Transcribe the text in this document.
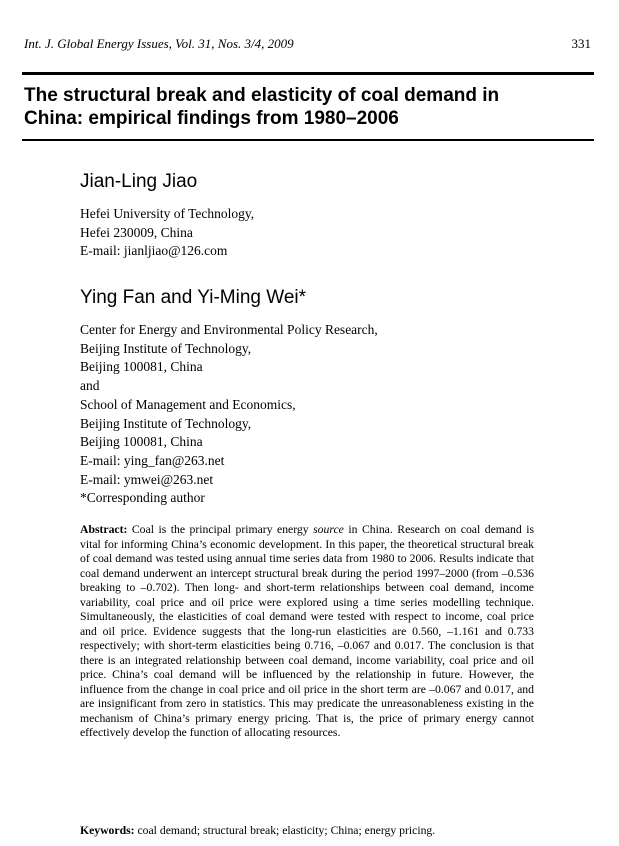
Int. J. Global Energy Issues, Vol. 31, Nos. 3/4, 2009	331
The structural break and elasticity of coal demand in
China: empirical findings from 1980–2006
Jian-Ling Jiao
Hefei University of Technology,
Hefei 230009, China
E-mail: jianljiao@126.com
Ying Fan and Yi-Ming Wei*
Center for Energy and Environmental Policy Research,
Beijing Institute of Technology,
Beijing 100081, China
and
School of Management and Economics,
Beijing Institute of Technology,
Beijing 100081, China
E-mail: ying_fan@263.net
E-mail: ymwei@263.net
*Corresponding author
Abstract: Coal is the principal primary energy source in China. Research on coal demand is vital for informing China’s economic development. In this paper, the theoretical structural break of coal demand was tested using annual time series data from 1980 to 2006. Results indicate that coal demand underwent an intercept structural break during the period 1997–2000 (from –0.536 breaking to –0.702). Then long- and short-term relationships between coal demand, income variability, coal price and oil price were explored using a time series modelling technique. Simultaneously, the elasticities of coal demand were tested with respect to income, coal price and oil price. Evidence suggests that the long-run elasticities are 0.560, –1.161 and 0.733 respectively; with short-term elasticities being 0.716, –0.067 and 0.017. The conclusion is that there is an integrated relationship between coal demand, income variability, coal price and oil price. China’s coal demand will be influenced by the relationship in future. However, the influence from the change in coal price and oil price in the short term are –0.067 and 0.017, and are insignificant from zero in statistics. This may predicate the unreasonableness existing in the mechanism of China’s primary energy pricing. That is, the price of primary energy cannot effectively develop the function of allocating resources.
Keywords: coal demand; structural break; elasticity; China; energy pricing.
